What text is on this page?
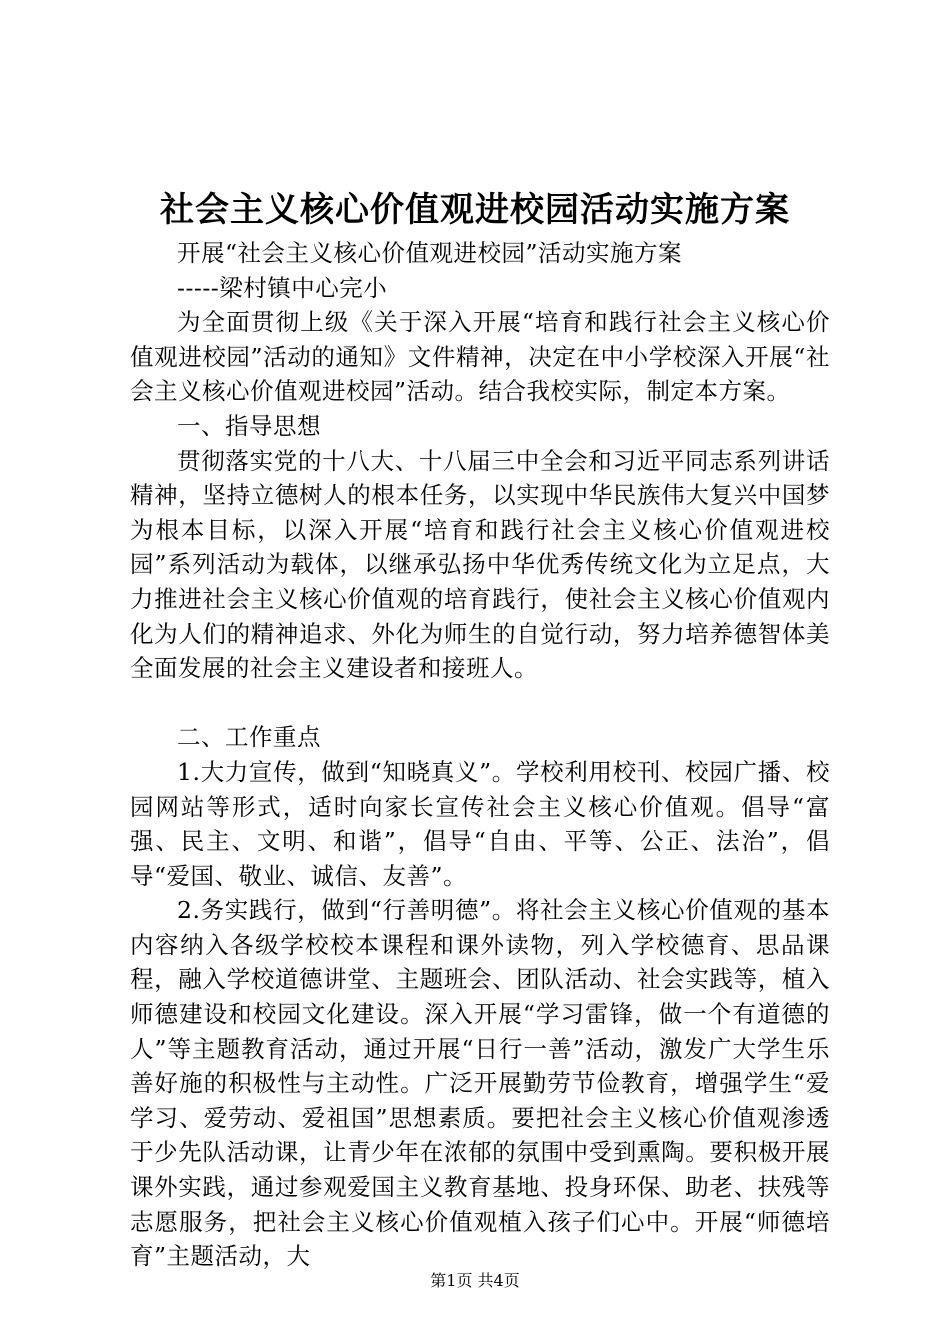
社会主义核心价值观进校园活动实施方案

开展“社会主义核心价值观进校园”活动实施方案

-----梁村镇中心完小

为全面贯彻上级《关于深入开展“培育和践行社会主义核心价值观进校园”活动的通知》文件精神，决定在中小学校深入开展“社会主义核心价值观进校园”活动。结合我校实际，制定本方案。

一、指导思想

贯彻落实党的十八大、十八届三中全会和习近平同志系列讲话精神，坚持立德树人的根本任务，以实现中华民族伟大复兴中国梦为根本目标，以深入开展“培育和践行社会主义核心价值观进校园”系列活动为载体，以继承弘扬中华优秀传统文化为立足点，大力推进社会主义核心价值观的培育践行，使社会主义核心价值观内化为人们的精神追求、外化为师生的自觉行动，努力培养德智体美全面发展的社会主义建设者和接班人。

二、工作重点

1.大力宣传，做到“知晓真义”。学校利用校刊、校园广播、校园网站等形式，适时向家长宣传社会主义核心价值观。倡导“富强、民主、文明、和谐”，倡导“自由、平等、公正、法治”，倡导“爱国、敬业、诚信、友善”。

2.务实践行，做到“行善明德”。将社会主义核心价值观的基本内容纳入各级学校校本课程和课外读物，列入学校德育、思品课程，融入学校道德讲堂、主题班会、团队活动、社会实践等，植入师德建设和校园文化建设。深入开展“学习雷锋，做一个有道德的人”等主题教育活动，通过开展“日行一善”活动，激发广大学生乐善好施的积极性与主动性。广泛开展勤劳节俭教育，增强学生“爱学习、爱劳动、爱祖国”思想素质。要把社会主义核心价值观渗透于少先队活动课，让青少年在浓郁的氛围中受到熏陶。要积极开展课外实践，通过参观爱国主义教育基地、投身环保、助老、扶残等志愿服务，把社会主义核心价值观植入孩子们心中。开展“师德培育”主题活动，大

第1页 共4页
